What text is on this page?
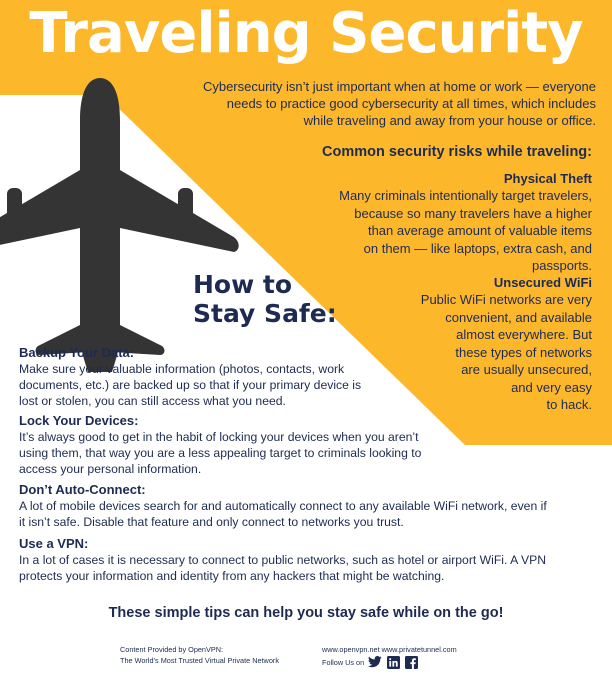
Traveling Security
Cybersecurity isn’t just important when at home or work — everyone needs to practice good cybersecurity at all times, which includes while traveling and away from your house or office.
Common security risks while traveling:
Physical Theft
Many criminals intentionally target travelers,
because so many travelers have a higher
than average amount of valuable items
on them — like laptops, extra cash, and
passports.
Unsecured WiFi
Public WiFi networks are very
convenient, and available
almost everywhere. But
these types of networks
are usually unsecured,
and very easy
to hack.
How to
Stay Safe:
Backup Your Data:
Make sure your valuable information (photos, contacts, work documents, etc.) are backed up so that if your primary device is lost or stolen, you can still access what you need.
Lock Your Devices:
It’s always good to get in the habit of locking your devices when you aren’t using them, that way you are a less appealing target to criminals looking to access your personal information.
Don’t Auto-Connect:
A lot of mobile devices search for and automatically connect to any available WiFi network, even if it isn’t safe. Disable that feature and only connect to networks you trust.
Use a VPN:
In a lot of cases it is necessary to connect to public networks, such as hotel or airport WiFi. A VPN protects your information and identity from any hackers that might be watching.
These simple tips can help you stay safe while on the go!
Content Provided by OpenVPN:
The World’s Most Trusted Virtual Private Network
www.openvpn.net www.privatetunnel.com
Follow Us on
